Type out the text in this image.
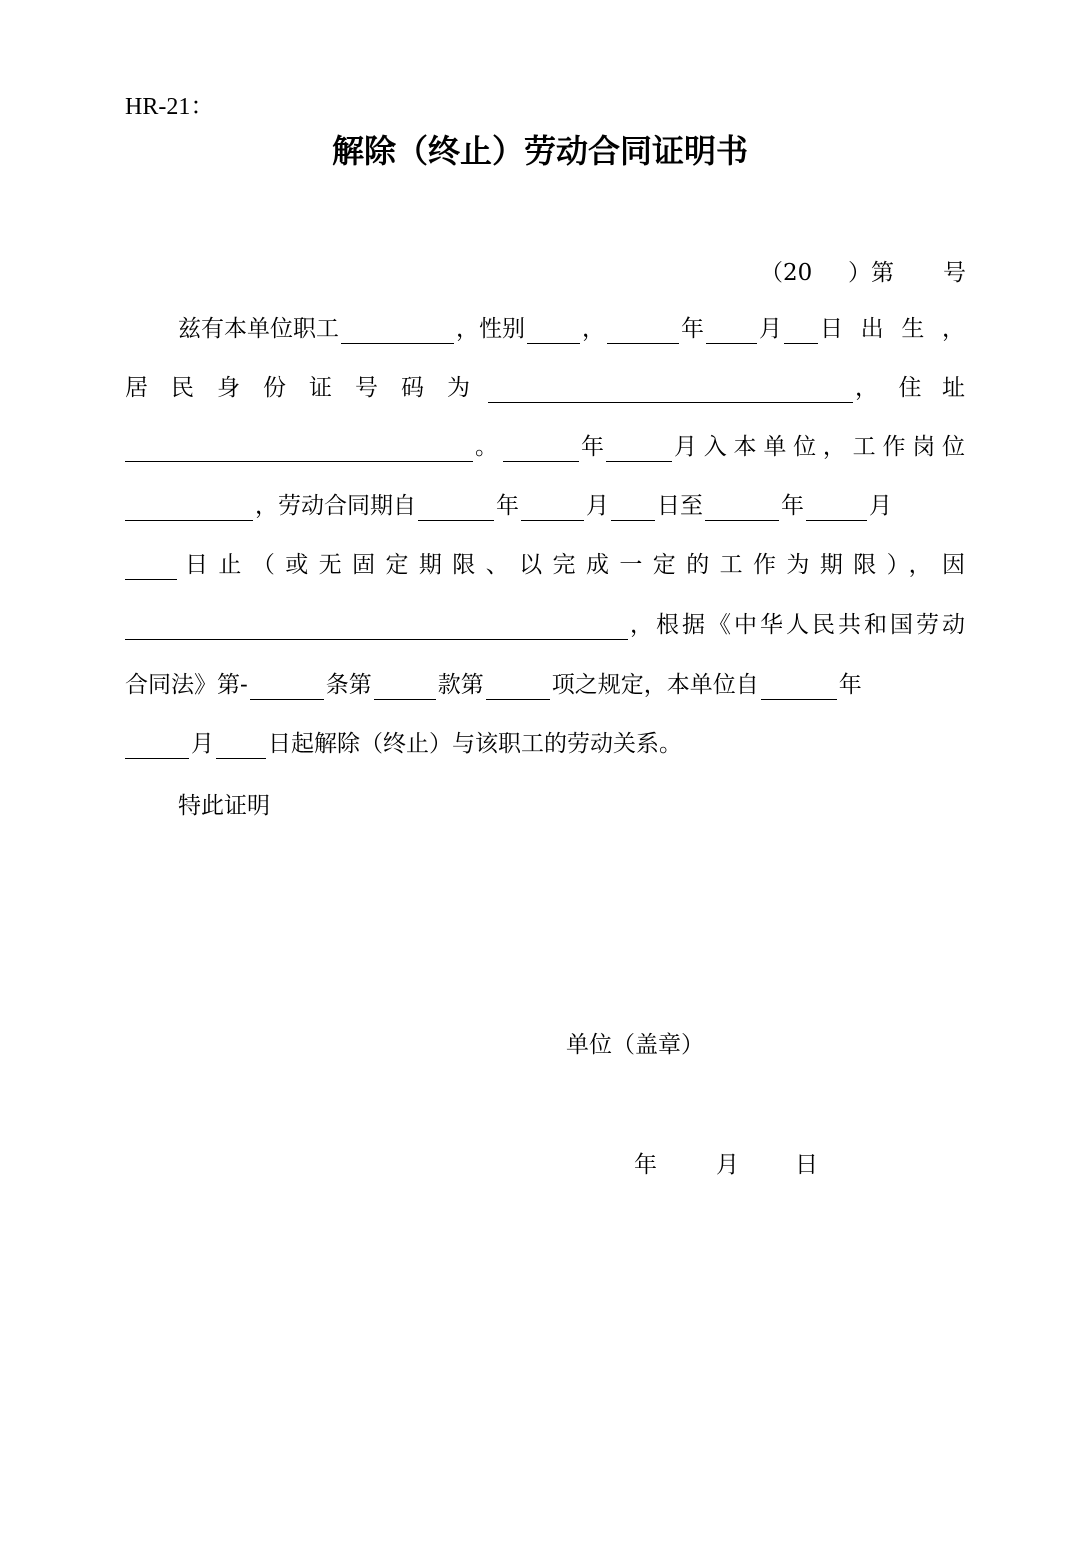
HR-21：
解除（终止）劳动合同证明书
（20 ）第 号
兹有本单位职工	，性别 ，	年 月 日出生，
居民身份证号码为	，住址
。	年	月入本单位，工作岗位
，劳动合同期自	年	月 日至	年	月
日止（或无固定期限、以完成一定的工作为期限），因
，根据《中华人民共和国劳动
合同法》第 -	条第	款第	项之规定，本单位自	年
月 日起解除（终止）与该职工的劳动关系。
特此证明
单位（盖章）
年	月 日
